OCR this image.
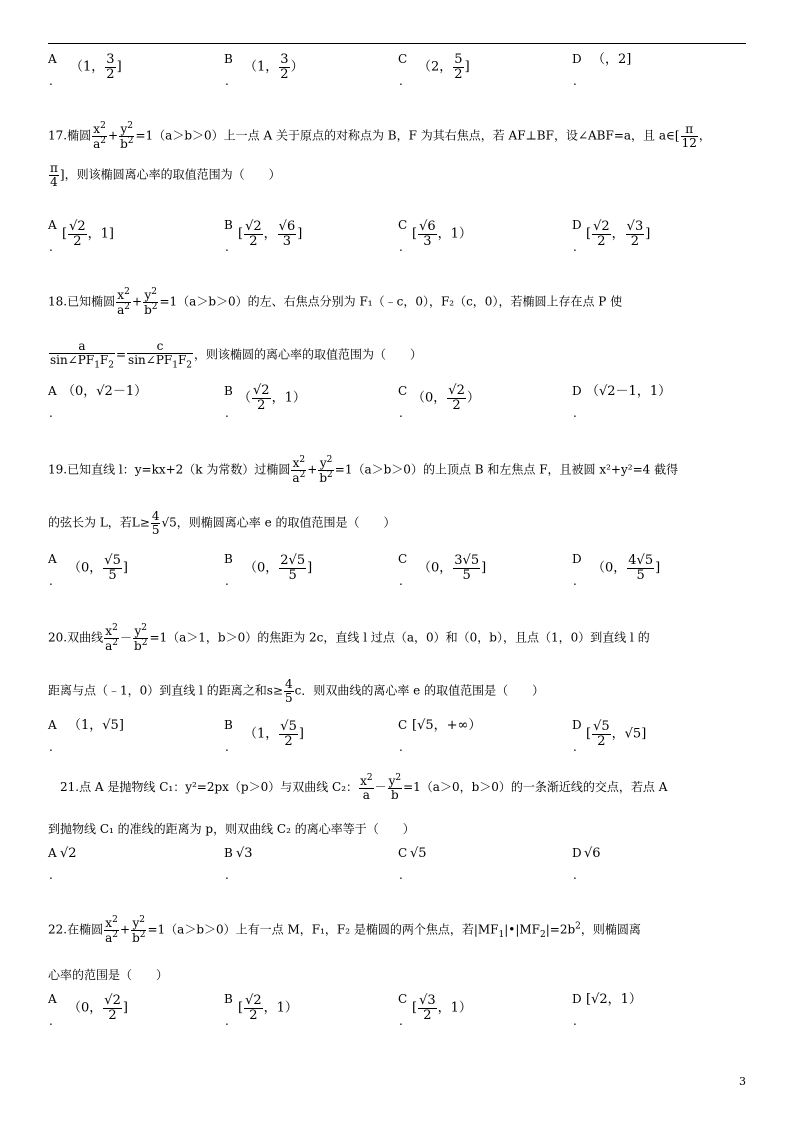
A
.
（1， $\frac{3}{2}$ ]
B
.
（1， $\frac{3}{2}$ ）
C
.
（2， $\frac{5}{2}$ ]
D
.
（，2]
17.椭圆 $\frac{x^2}{a^2} + \frac{y^2}{b^2} =1(a>b>0)$上一点 A 关于原点的对称点为 B，F 为其右焦点，若 AF⊥BF，设∠ABF=a，且 a∈[ $\frac{\pi}{12}$ ，
$\frac{\pi}{4}$ ]，则该椭圆离心率的取值范围为（　　）
A
.
[ $\frac{√2}{2}$ ，1]
B
.
[ $\frac{√2}{2}$ ， $\frac{√6}{3}$ ]
C
.
[ $\frac{√6}{3}$ ，1）
D
.
[ $\frac{√2}{2}$ ， $\frac{√3}{2}$ ]
18.已知椭圆 $\frac{x^2}{a^2} + \frac{y^2}{b^2} =1(a>b>0)$的左、右焦点分别为 F₁（﹣c，0），F₂（c，0），若椭圆上存在点 P 使
$\frac{a}{\sin\angle PF_1F_2} = \frac{c}{\sin\angle PF_1F_2}$ ，则该椭圆的离心率的取值范围为（　　）
A
.
（0，√2－1）	B
.
（ $\frac{√2}{2}$ ，1）	C
.
（0， $\frac{√2}{2}$ ）	D
.
（√2－1，1）
19.已知直线 l：y=kx+2（k 为常数）过椭圆 $\frac{x^2}{a^2} + \frac{y^2}{b^2} =1(a>b>0)$的上顶点 B 和左焦点 F，且被圆 x²+y²=4 截得
的弦长为 L，若$L\ge \frac{4}{5} √5$，则椭圆离心率 e 的取值范围是（　　）
A
.
（0， $\frac{√5}{5}$ ]
B
.
（0， $\frac{2√5}{5}$ ]
C
.
（0， $\frac{3√5}{5}$ ]
D
.
（0， $\frac{4√5}{5}$ ]
20.双曲线 $\frac{x^2}{a^2} - \frac{y^2}{b^2} =1(a>1$，b＞0）的焦距为 2c，直线 l 过点（a，0）和（0，b），且点（1，0）到直线 l 的
距离与点（﹣1，0）到直线 l 的距离之和$s\ge \frac{4}{5}$ c．则双曲线的离心率 e 的取值范围是（　　）
A
.
（1，√5]	B
.
（1， $\frac{√5}{2}$ ]
C
.
[√5，+∞）	D
.
[ $\frac{√5}{2}$ ，√5]
21.点 A 是抛物线 C₁：y²=2px（p＞0）与双曲线 C₂： $\frac{x^2}{a} - \frac{y^2}{b} =1(a>0$，b＞0）的一条渐近线的交点，若点 A
到抛物线 C₁ 的准线的距离为 p，则双曲线 C₂ 的离心率等于（　　）
A
.
√2	B
.
√3	C
.
√5	D
.
√6
22.在椭圆 $\frac{x^2}{a^2} + \frac{y^2}{b^2} =1(a>b>0)$上有一点 M，F₁，F₂ 是椭圆的两个焦点，若$|MF_1|•|MF_2|=2b^2$，则椭圆离
心率的范围是（　　）
A
.
（0， $\frac{√2}{2}$ ]
B
.
[ $\frac{√2}{2}$ ，1）
C
.
[ $\frac{√3}{2}$ ，1）
D
.
[√2，1）
3
